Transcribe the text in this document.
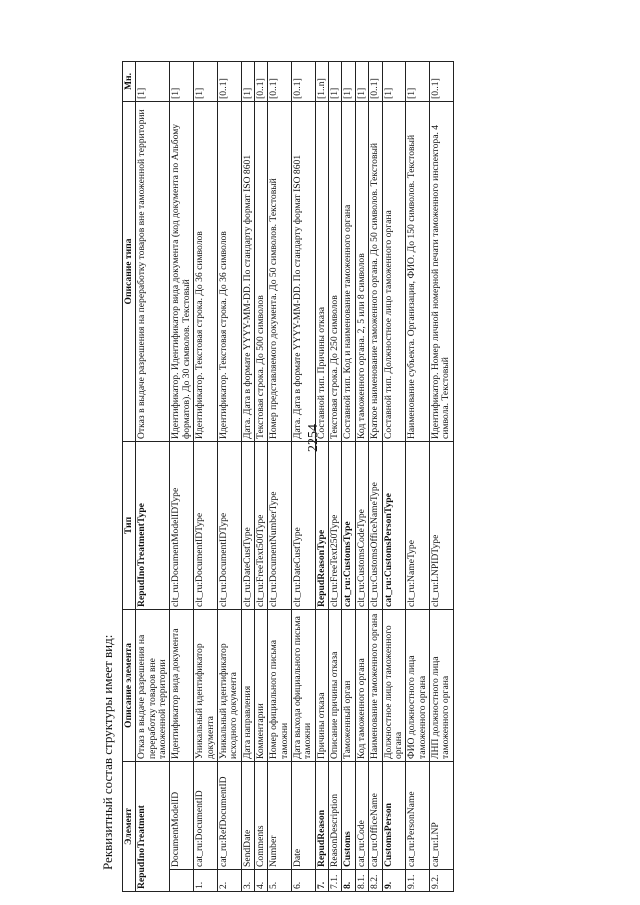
2254
Реквизитный состав структуры имеет вид: Элемент		Описание элемента	Тип	Описание типа	Мн.
RepudInoTreatment		Отказ в выдаче разрешения на переработку товаров вне таможенной территории	RepudInoTreatmentType	Отказ в выдаче разрешения на переработку товаров вне таможенной территории	[1]
	DocumentModelID	Идентификатор вида документа	clt_ru:DocumentModelIDType	Идентификатор. Идентификатор вида документа (код документа по Альбому форматов). До 30 символов. Текстовый	[1]
1.	cat_ru:DocumentID	Уникальный идентификатор документа	clt_ru:DocumentIDType	Идентификатор. Текстовая строка. До 36 символов	[1]
2.	cat_ru:RefDocumentID	Уникальный идентификатор исходного документа	clt_ru:DocumentIDType	Идентификатор. Текстовая строка. До 36 символов	[0..1]
3.	SendDate	Дата направления	clt_ru:DateCustType	Дата. Дата в формате YYYY-MM-DD. По стандарту формат ISO 8601	[1]
4.	Comments	Комментарии	clt_ru:FreeText500Type	Текстовая строка. До 500 символов	[0..1]
5.	Number	Номер официального письма таможни	clt_ru:DocumentNumberType	Номер представляемого документа. До 50 символов. Текстовый	[0..1]
6.	Date	Дата выхода официального письма таможни	clt_ru:DateCustType	Дата. Дата в формате YYYY-MM-DD. По стандарту формат ISO 8601	[0..1]
7.	RepudReason	Причины отказа	RepudReasonType	Составной тип. Причины отказа	[1..n]
7.1.	ReasonDescription	Описание причины отказа	clt_ru:FreeText250Type	Текстовая строка. До 250 символов	[1]
8.	Customs	Таможенный орган	cat_ru:CustomsType	Составной тип. Код и наименование таможенного органа	[1]
8.1.	cat_ru:Code	Код таможенного органа	clt_ru:CustomsCodeType	Код таможенного органа. 2, 5 или 8 символов	[1]
8.2.	cat_ru:OfficeName	Наименование таможенного органа	clt_ru:CustomsOfficeNameType	Краткое наименование таможенного органа. До 50 символов. Текстовый	[0..1]
9.	CustomsPerson	Должностное лицо таможенного органа	cat_ru:CustomsPersonType	Составной тип. Должностное лицо таможенного органа	[1]
9.1.	cat_ru:PersonName	ФИО должностного лица таможенного органа	clt_ru:NameType	Наименование субъекта. Организация, ФИО. До 150 символов. Текстовый	[1]
9.2.	cat_ru:LNP	ЛНП должностного лица таможенного органа	clt_ru:LNPIDType	Идентификатор. Номер личной номерной печати таможенного инспектора. 4 символа. Текстовый	[0..1]
